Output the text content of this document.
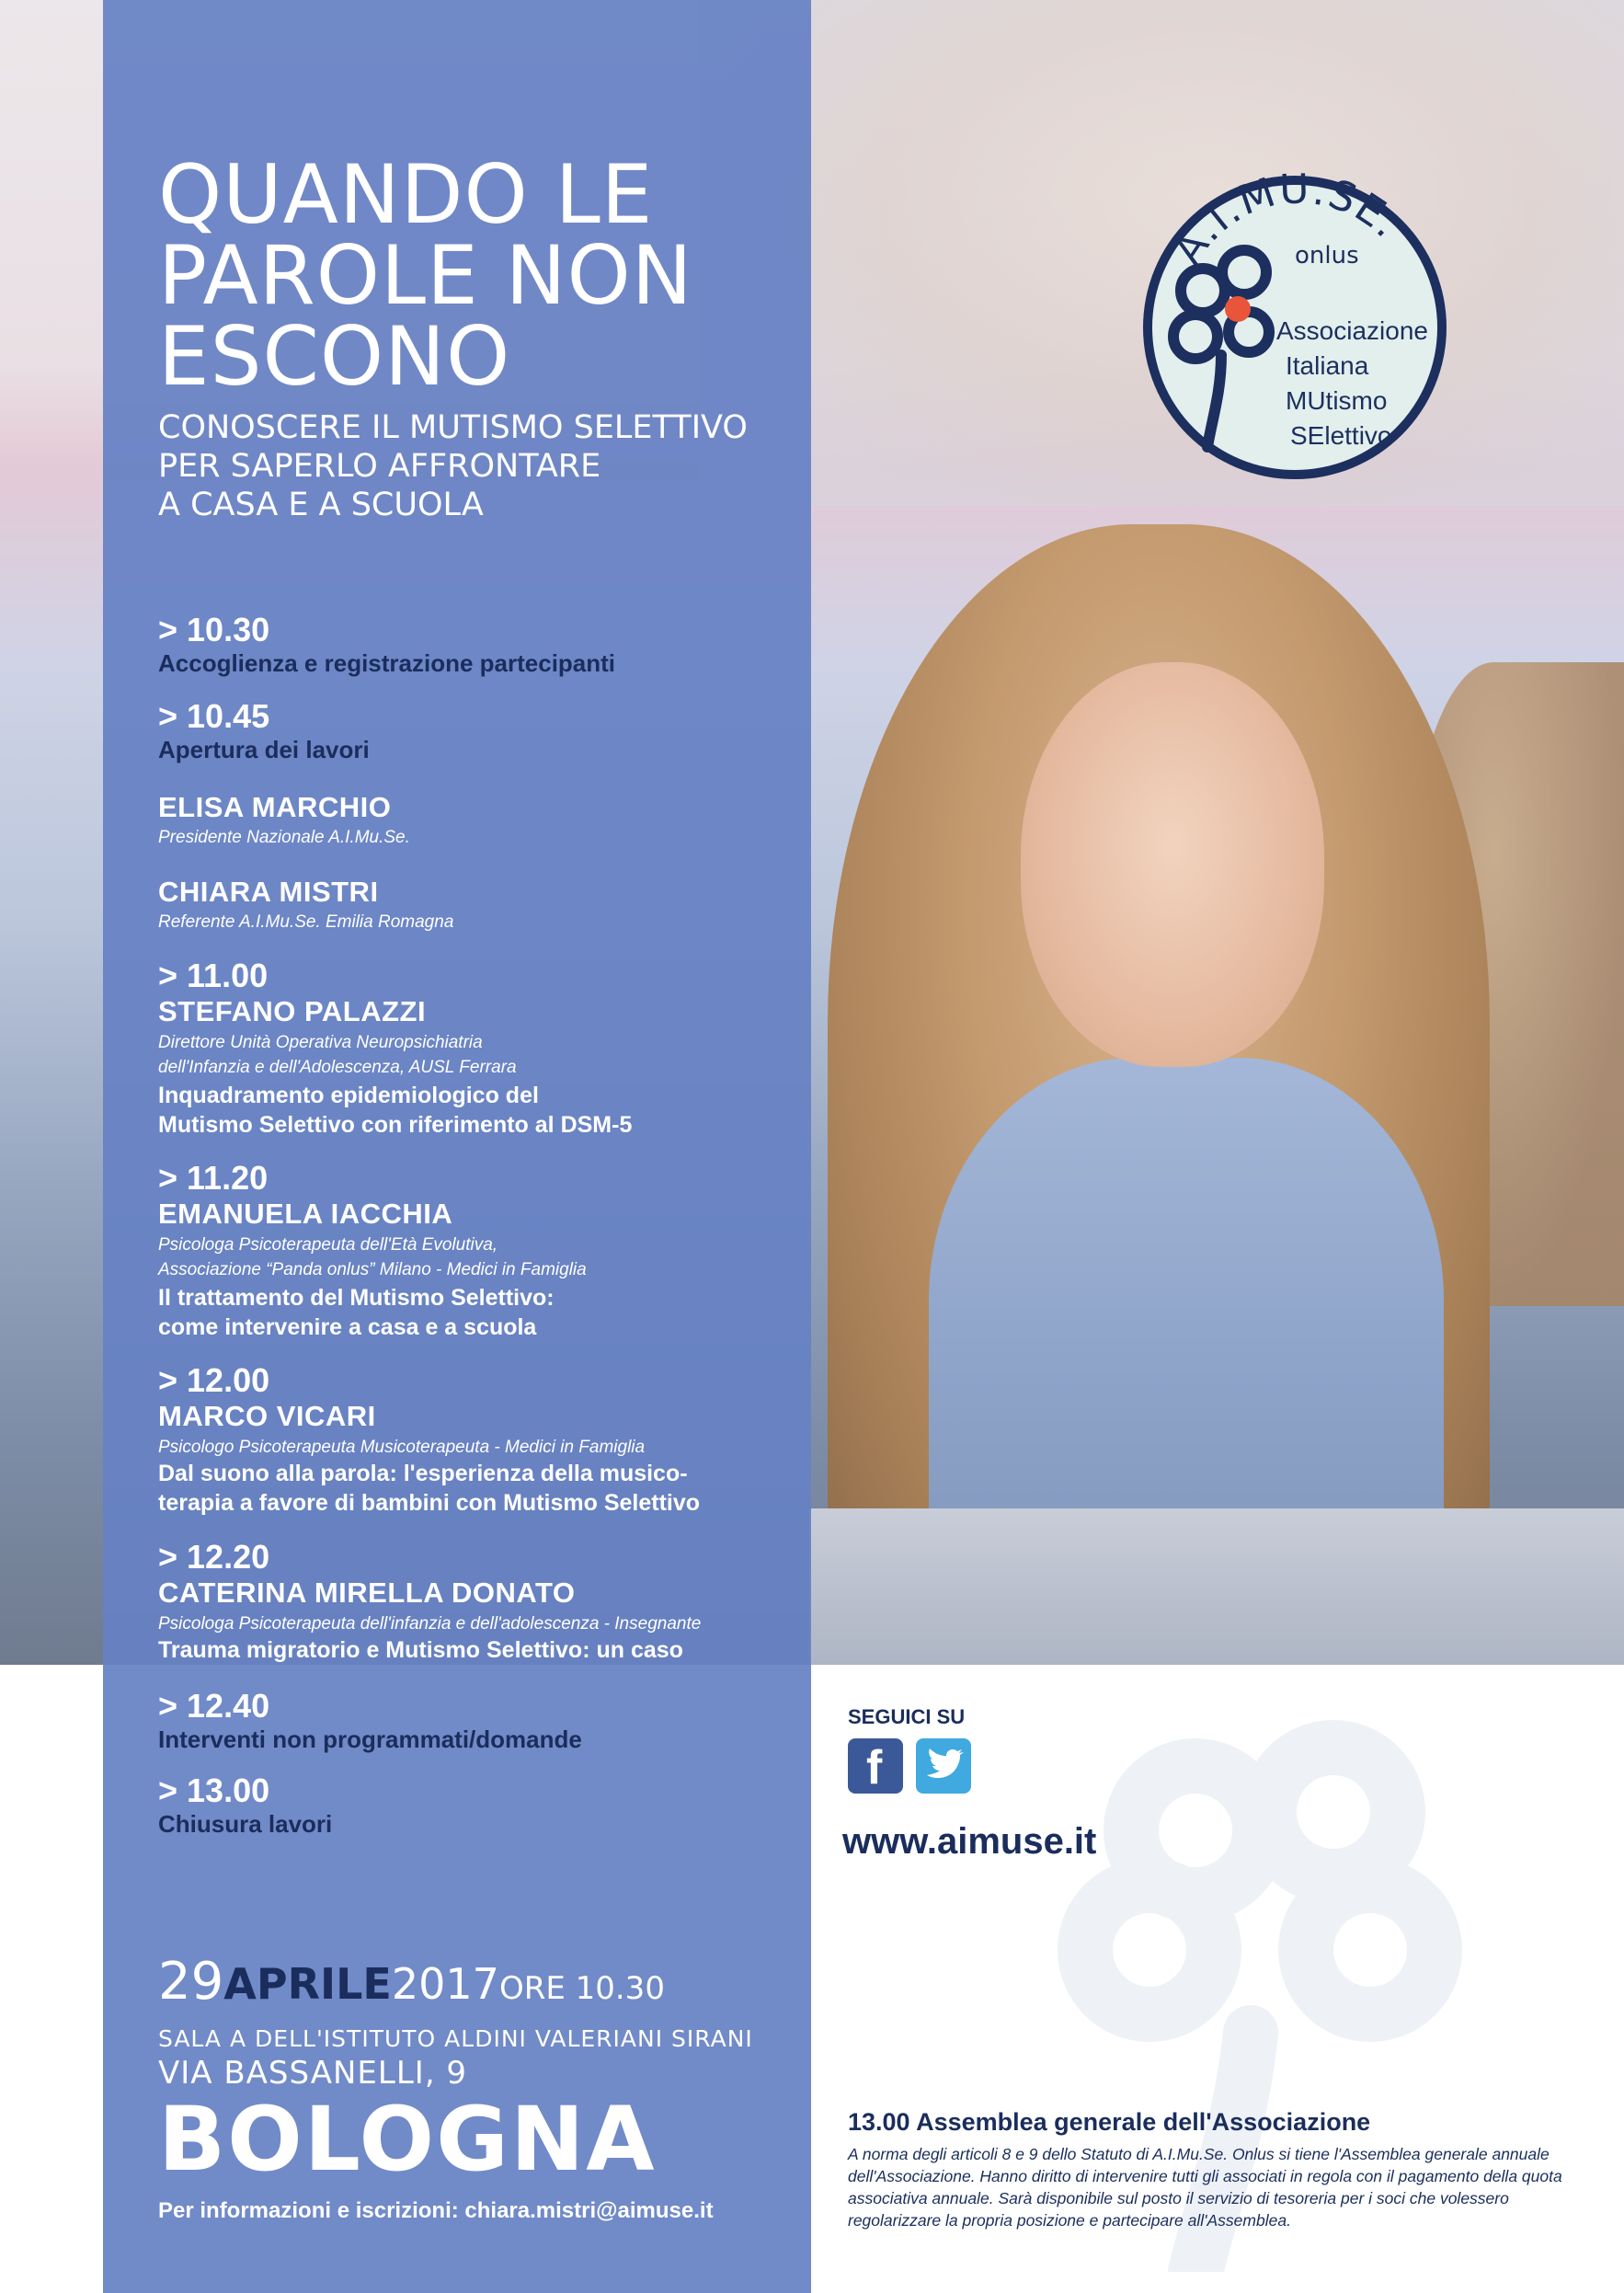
QUANDO LE
PAROLE NON
ESCONO
CONOSCERE IL MUTISMO SELETTIVO
PER SAPERLO AFFRONTARE
A CASA E A SCUOLA
A.I.MU.SE.
onlus
Associazione
Italiana
MUtismo
SElettivo
> 10.30
Accoglienza e registrazione partecipanti
> 10.45
Apertura dei lavori
ELISA MARCHIO
Presidente Nazionale A.I.Mu.Se.
CHIARA MISTRI
Referente A.I.Mu.Se. Emilia Romagna
> 11.00
STEFANO PALAZZI
Direttore Unità Operativa Neuropsichiatria
dell'Infanzia e dell'Adolescenza, AUSL Ferrara
Inquadramento epidemiologico del
Mutismo Selettivo con riferimento al DSM-5
> 11.20
EMANUELA IACCHIA
Psicologa Psicoterapeuta dell'Età Evolutiva,
Associazione “Panda onlus” Milano - Medici in Famiglia
Il trattamento del Mutismo Selettivo:
come intervenire a casa e a scuola
> 12.00
MARCO VICARI
Psicologo Psicoterapeuta Musicoterapeuta - Medici in Famiglia
Dal suono alla parola: l'esperienza della musico-
terapia a favore di bambini con Mutismo Selettivo
> 12.20
CATERINA MIRELLA DONATO
Psicologa Psicoterapeuta dell'infanzia e dell'adolescenza - Insegnante
Trauma migratorio e Mutismo Selettivo: un caso
> 12.40
Interventi non programmati/domande
> 13.00
Chiusura lavori
29APRILE2017ORE 10.30
SALA A DELL'ISTITUTO ALDINI VALERIANI SIRANI
VIA BASSANELLI, 9
BOLOGNA
Per informazioni e iscrizioni: chiara.mistri@aimuse.it
SEGUICI SU
f
www.aimuse.it
13.00 Assemblea generale dell'Associazione
A norma degli articoli 8 e 9 dello Statuto di A.I.Mu.Se. Onlus si tiene l'Assemblea generale annuale dell'Associazione. Hanno diritto di intervenire tutti gli associati in regola con il pagamento della quota associativa annuale. Sarà disponibile sul posto il servizio di tesoreria per i soci che volessero regolarizzare la propria posizione e partecipare all'Assemblea.
